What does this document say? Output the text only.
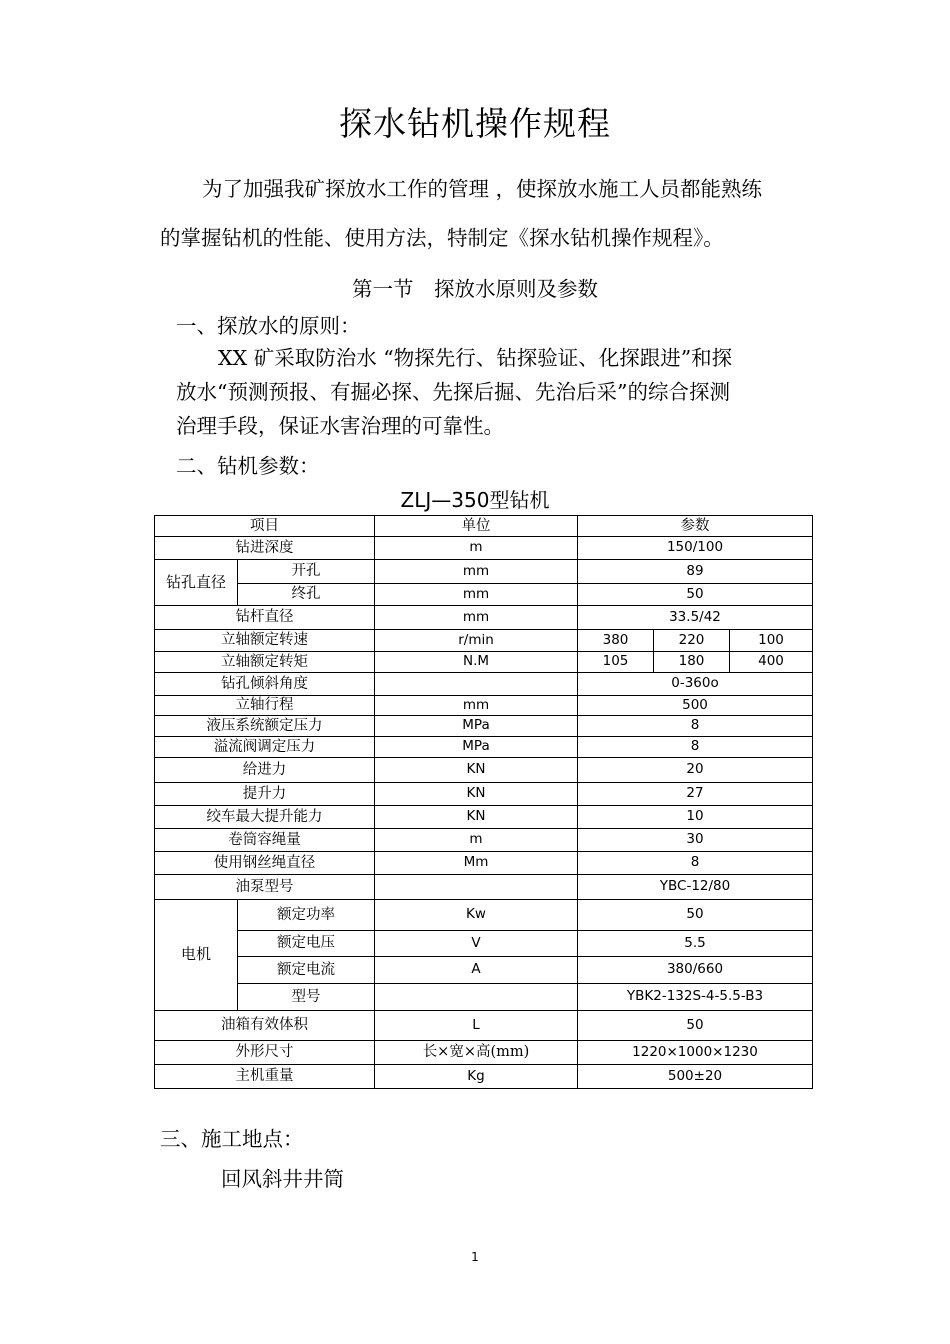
探水钻机操作规程
为了加强我矿探放水工作的管理 ，使探放水施工人员都能熟练
的掌握钻机的性能、使用方法，特制定《探水钻机操作规程》。
第一节　探放水原则及参数
一、探放水的原则：
XX 矿采取防治水 “物探先行、钻探验证、化探跟进”和探
放水“预测预报、有掘必探、先探后掘、先治后采”的综合探测
治理手段，保证水害治理的可靠性。
二、钻机参数：
ZLJ—350型钻机
项目		单位	参数		
钻进深度		m	150/100		
钻孔直径	开孔	mm	89		
	终孔	mm	50		
钻杆直径		mm	33.5/42		
立轴额定转速		r/min	380	220	100
立轴额定转矩		N.M	105	180	400
钻孔倾斜角度			0-360o		
立轴行程		mm	500		
液压系统额定压力		MPa	8		
溢流阀调定压力		MPa	8		
给进力		KN	20		
提升力		KN	27		
绞车最大提升能力		KN	10		
卷筒容绳量		m	30		
使用钢丝绳直径		Mm	8		
油泵型号			YBC-12/80		
电机	额定功率	Kw	50		
	额定电压	V	5.5		
	额定电流	A	380/660		
	型号		YBK2-132S-4-5.5-B3		
油箱有效体积		L	50		
外形尺寸		长×宽×高(mm)	1220×1000×1230		
主机重量		Kg	500±20		
三、施工地点：
回风斜井井筒
1
